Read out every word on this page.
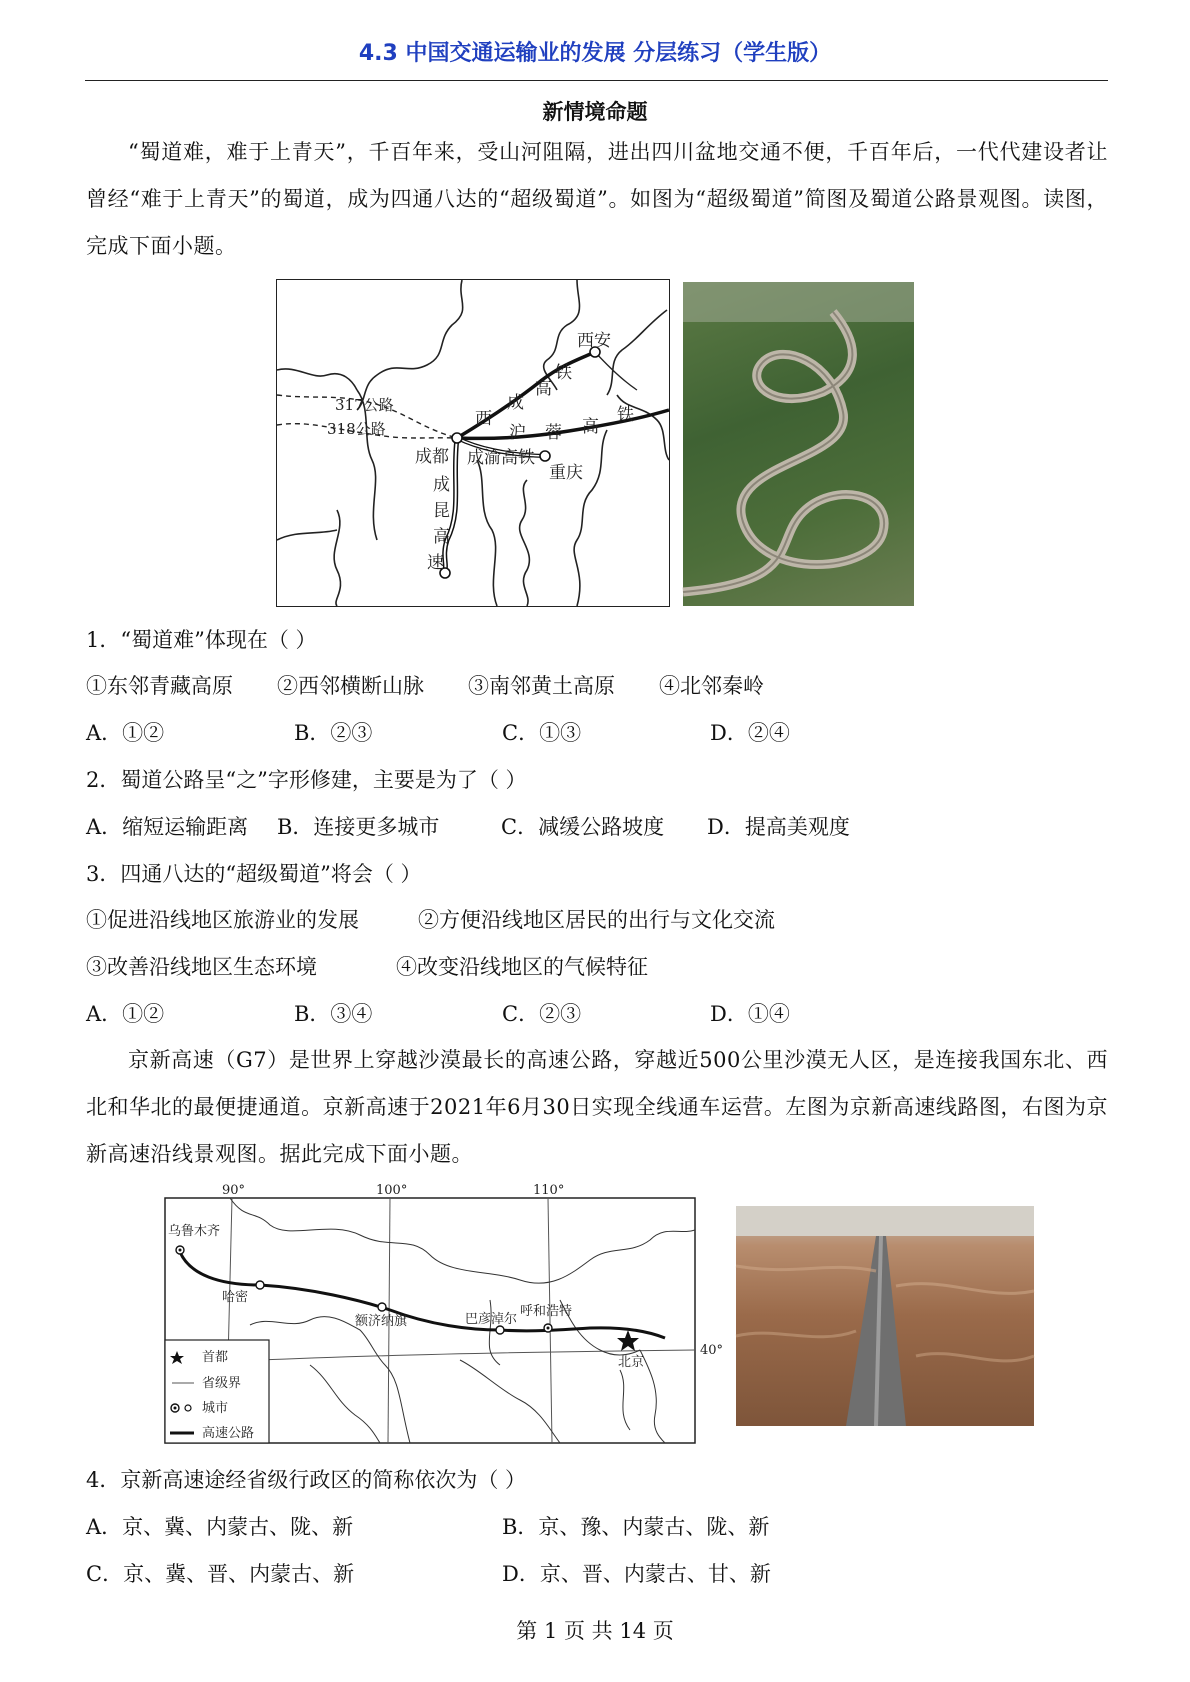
4.3 中国交通运输业的发展 分层练习（学生版）
新情境命题
“蜀道难，难于上青天”，千百年来，受山河阻隔，进出四川盆地交通不便，千百年后，一代代建设者让曾经“难于上青天”的蜀道，成为四通八达的“超级蜀道”。如图为“超级蜀道”简图及蜀道公路景观图。读图，完成下面小题。
西安
成都
重庆
317公路
318公路	西
成
高
铁
沪 蓉 高
铁
成渝高铁
成
昆
高
速
1．“蜀道难”体现在（ ）
①东邻青藏高原 ②西邻横断山脉 ③南邻黄土高原 ④北邻秦岭
A．①②	B．②③	C．①③	D．②④
2．蜀道公路呈“之”字形修建，主要是为了（ ）
A．缩短运输距离 B．连接更多城市	C．减缓公路坡度 D．提高美观度
3．四通八达的“超级蜀道”将会（ ）
①促进沿线地区旅游业的发展	②方便沿线地区居民的出行与文化交流
③改善沿线地区生态环境	④改变沿线地区的气候特征
A．①②	B．③④	C．②③	D．①④
京新高速（G7）是世界上穿越沙漠最长的高速公路，穿越近500公里沙漠无人区，是连接我国东北、西北和华北的最便捷通道。京新高速于2021年6月30日实现全线通车运营。左图为京新高速线路图，右图为京新高速沿线景观图。据此完成下面小题。
90°	100°	110°
40°
乌鲁木齐
哈密
额济纳旗	巴彦淖尔
呼和浩特
北京
首都
省级界
城市
高速公路
4．京新高速途经省级行政区的简称依次为（ ）
A．京、冀、内蒙古、陇、新	B．京、豫、内蒙古、陇、新
C．京、冀、晋、内蒙古、新	D．京、晋、内蒙古、甘、新
第 1 页 共 14 页
